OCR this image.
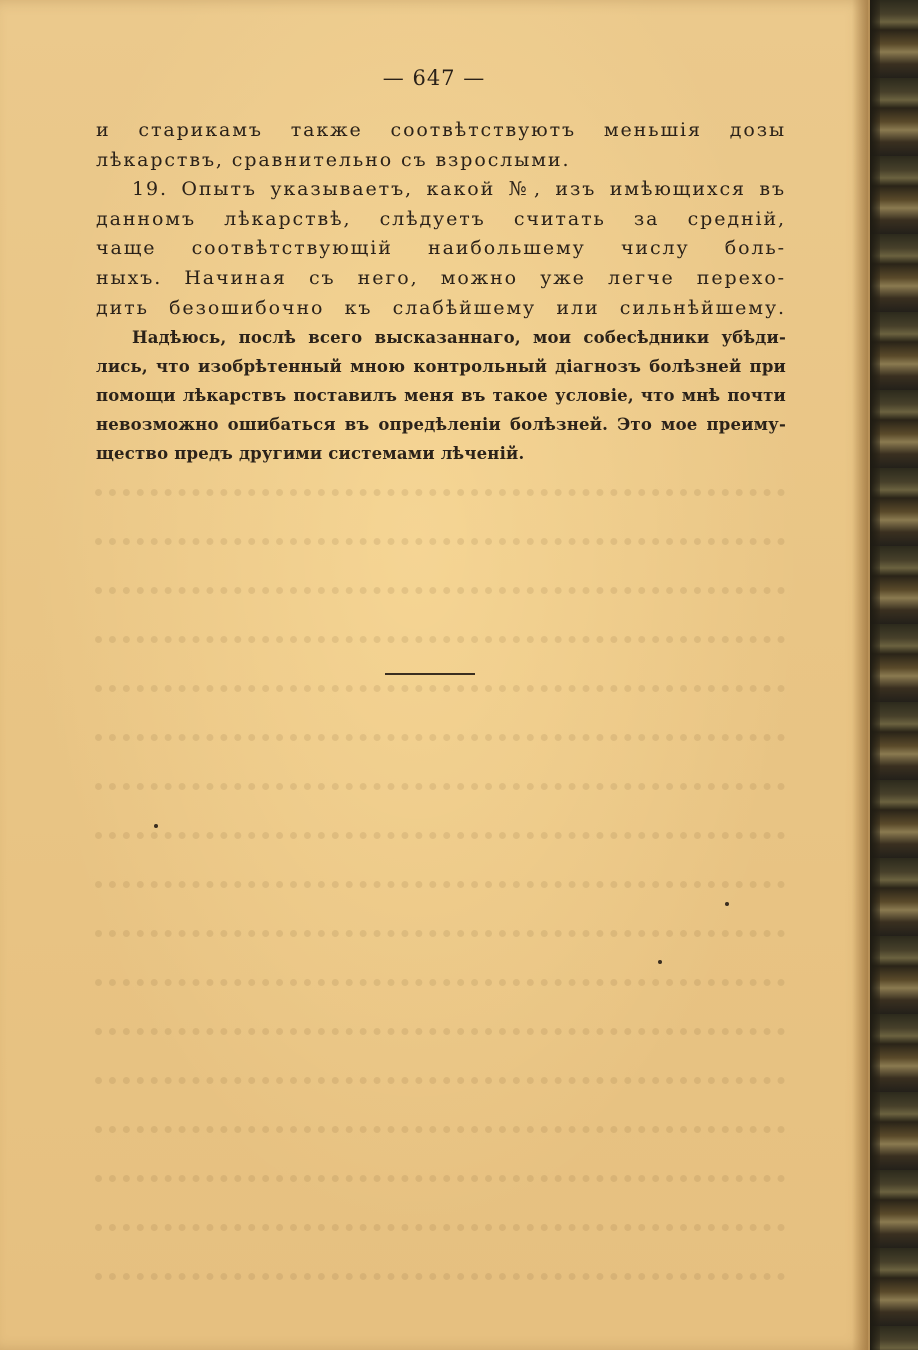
— 647 —
и старикамъ также соотвѣтствуютъ меньшія дозы
лѣкарствъ, сравнительно съ взрослыми.
19. Опытъ указываетъ, какой №, изъ имѣющихся въ
данномъ лѣкарствѣ, слѣдуетъ считать за средній,
чаще соотвѣтствующій наибольшему числу боль-
ныхъ. Начиная съ него, можно уже легче перехо-
дить безошибочно къ слабѣйшему или сильнѣйшему.
Надѣюсь, послѣ всего высказаннаго, мои собесѣдники убѣди-
лись, что изобрѣтенный мною контрольный діагнозъ болѣзней при
помощи лѣкарствъ поставилъ меня въ такое условіе, что мнѣ почти
невозможно ошибаться въ опредѣленіи болѣзней. Это мое преиму-
щество предъ другими системами лѣченій.
